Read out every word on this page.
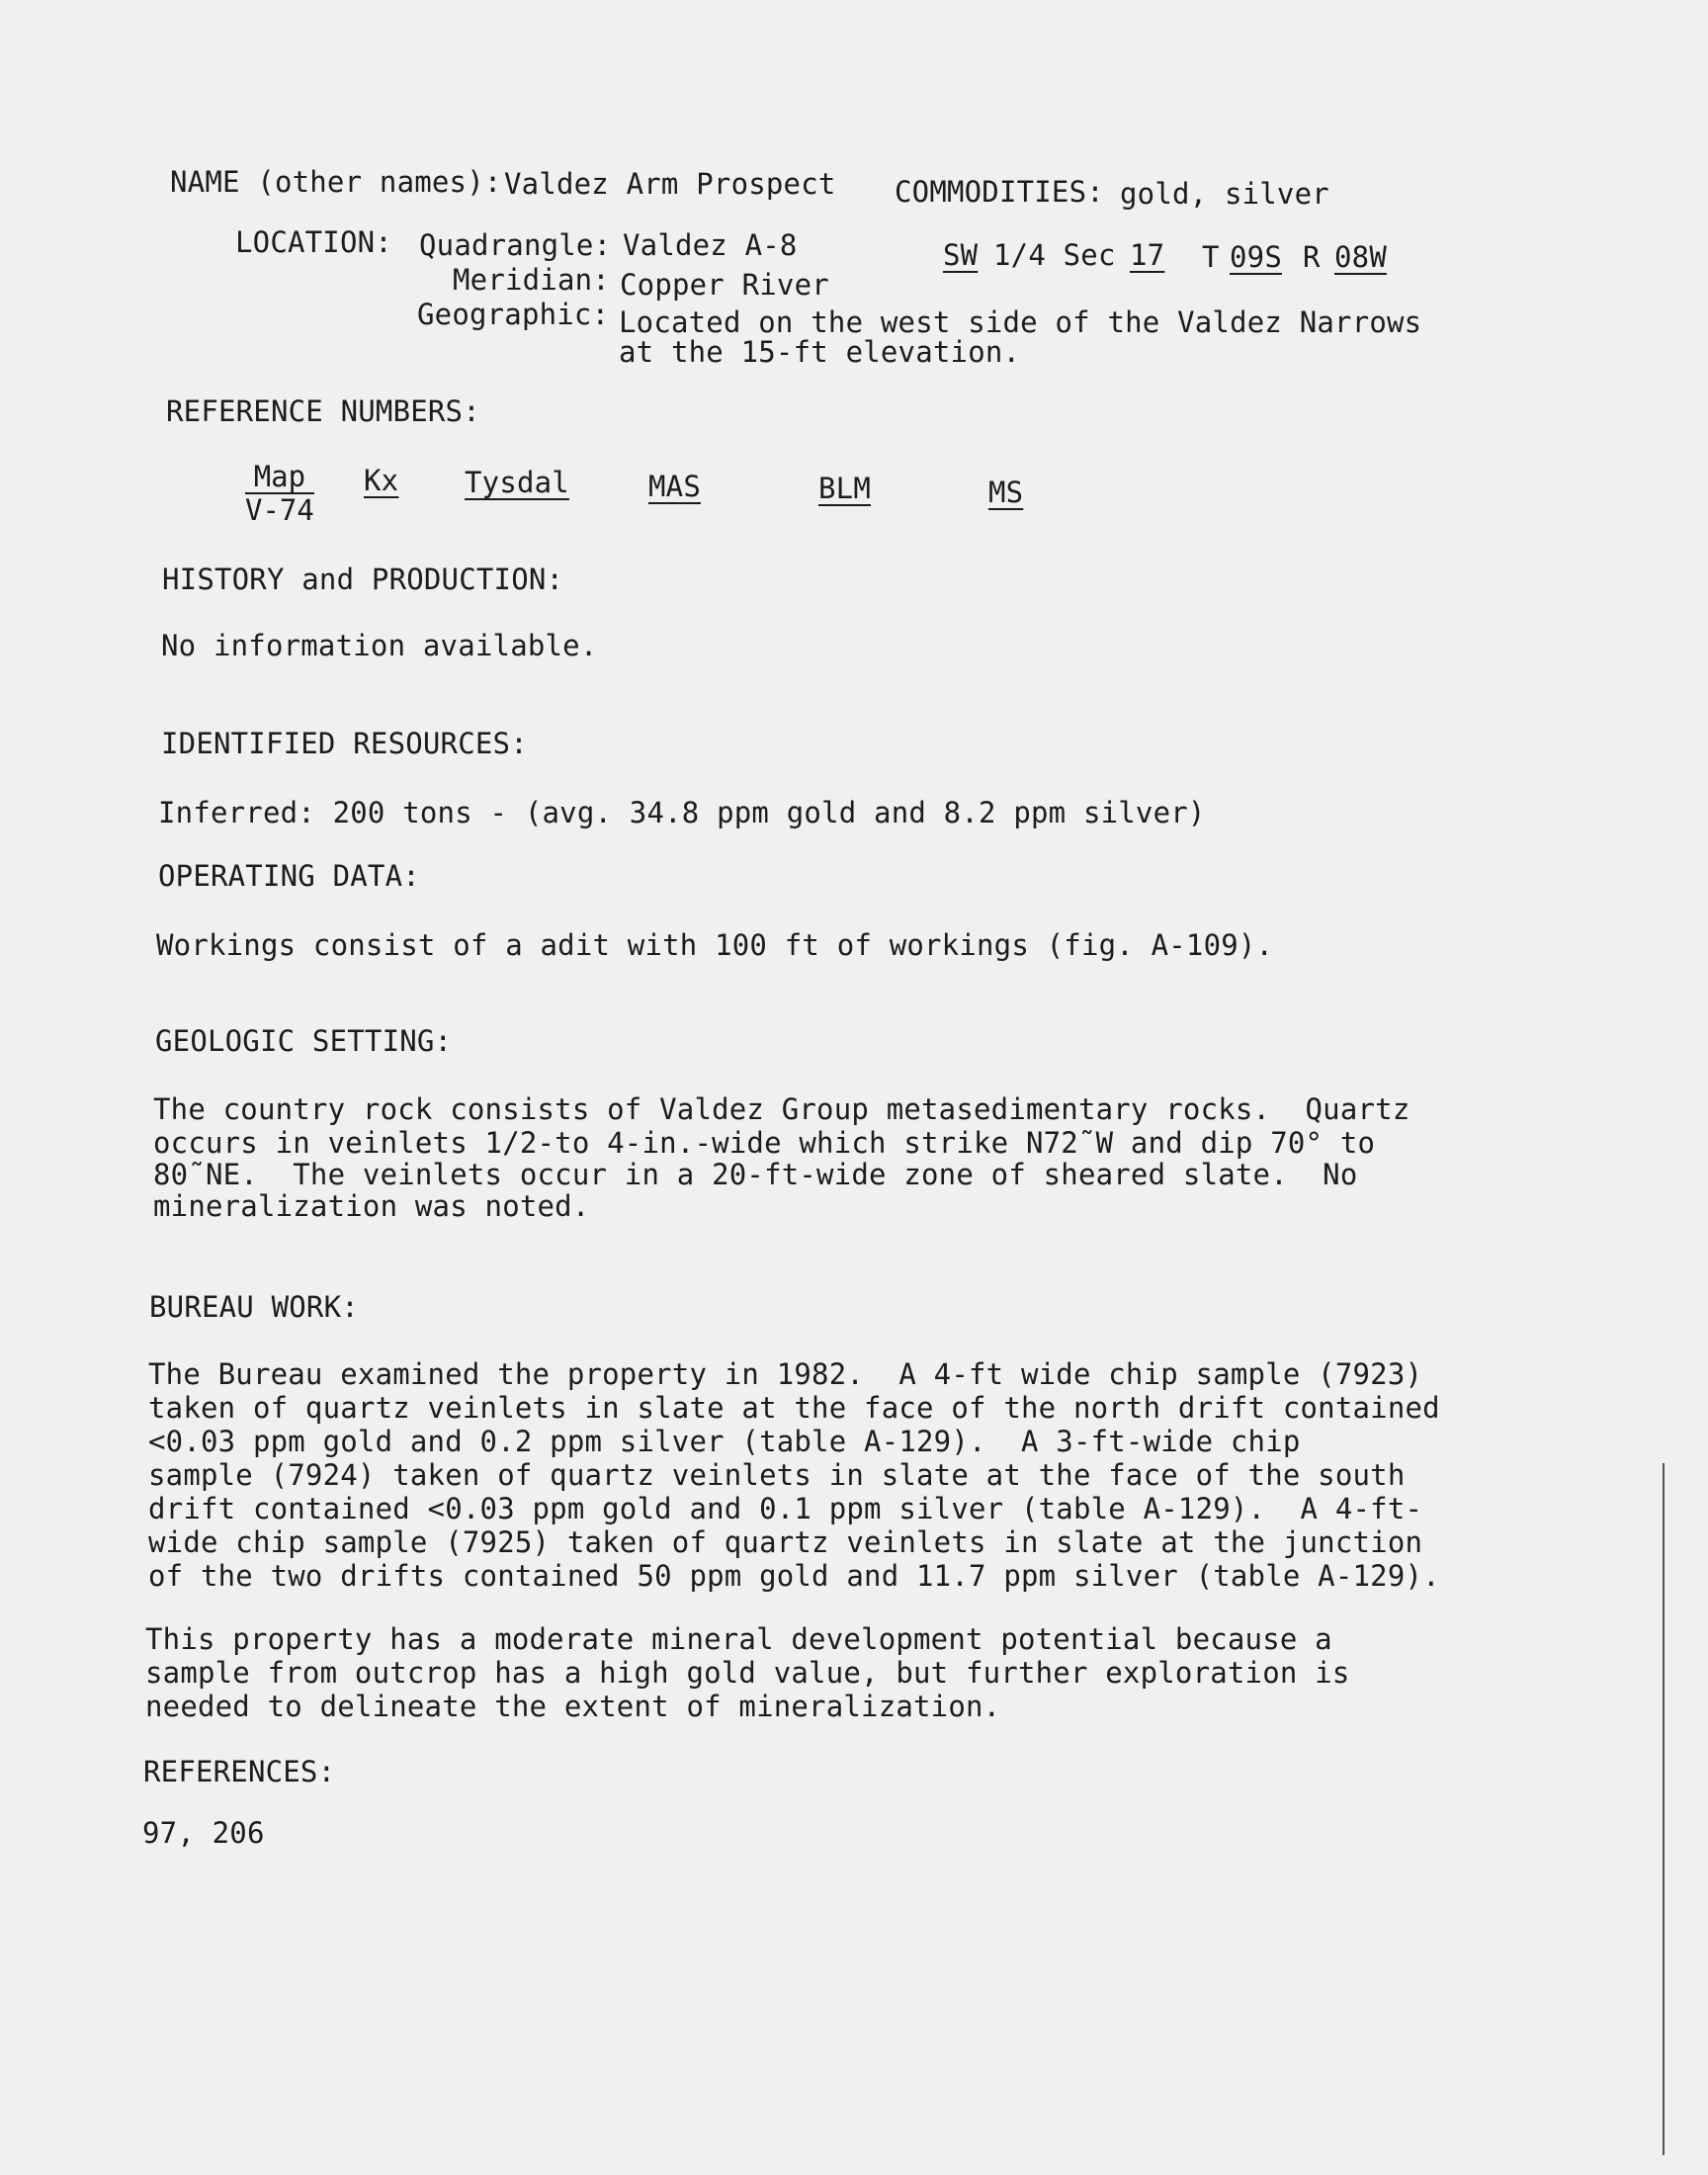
NAME (other names): Valdez Arm Prospect COMMODITIES: gold, silver
LOCATION: Quadrangle: Valdez A-8	SW 1/4 Sec 17 T 09S R 08W
Meridian: Copper River
Geographic: Located on the west side of the Valdez Narrows
at the 15-ft elevation.
REFERENCE NUMBERS:
Map
V-74
Kx Tysdal	MAS	BLM	MS
HISTORY and PRODUCTION:
No information available.
IDENTIFIED RESOURCES:
Inferred: 200 tons - (avg. 34.8 ppm gold and 8.2 ppm silver)
OPERATING DATA:
Workings consist of a adit with 100 ft of workings (fig. A-109).
GEOLOGIC SETTING:
The country rock consists of Valdez Group metasedimentary rocks.  Quartz
occurs in veinlets 1/2-to 4-in.-wide which strike N72˜W and dip 70° to
80˜NE.  The veinlets occur in a 20-ft-wide zone of sheared slate.  No
mineralization was noted.
BUREAU WORK:
The Bureau examined the property in 1982.  A 4-ft wide chip sample (7923)
taken of quartz veinlets in slate at the face of the north drift contained
<0.03 ppm gold and 0.2 ppm silver (table A-129).  A 3-ft-wide chip
sample (7924) taken of quartz veinlets in slate at the face of the south
drift contained <0.03 ppm gold and 0.1 ppm silver (table A-129).  A 4-ft-
wide chip sample (7925) taken of quartz veinlets in slate at the junction
of the two drifts contained 50 ppm gold and 11.7 ppm silver (table A-129).
This property has a moderate mineral development potential because a
sample from outcrop has a high gold value, but further exploration is
needed to delineate the extent of mineralization.
REFERENCES:
97, 206
